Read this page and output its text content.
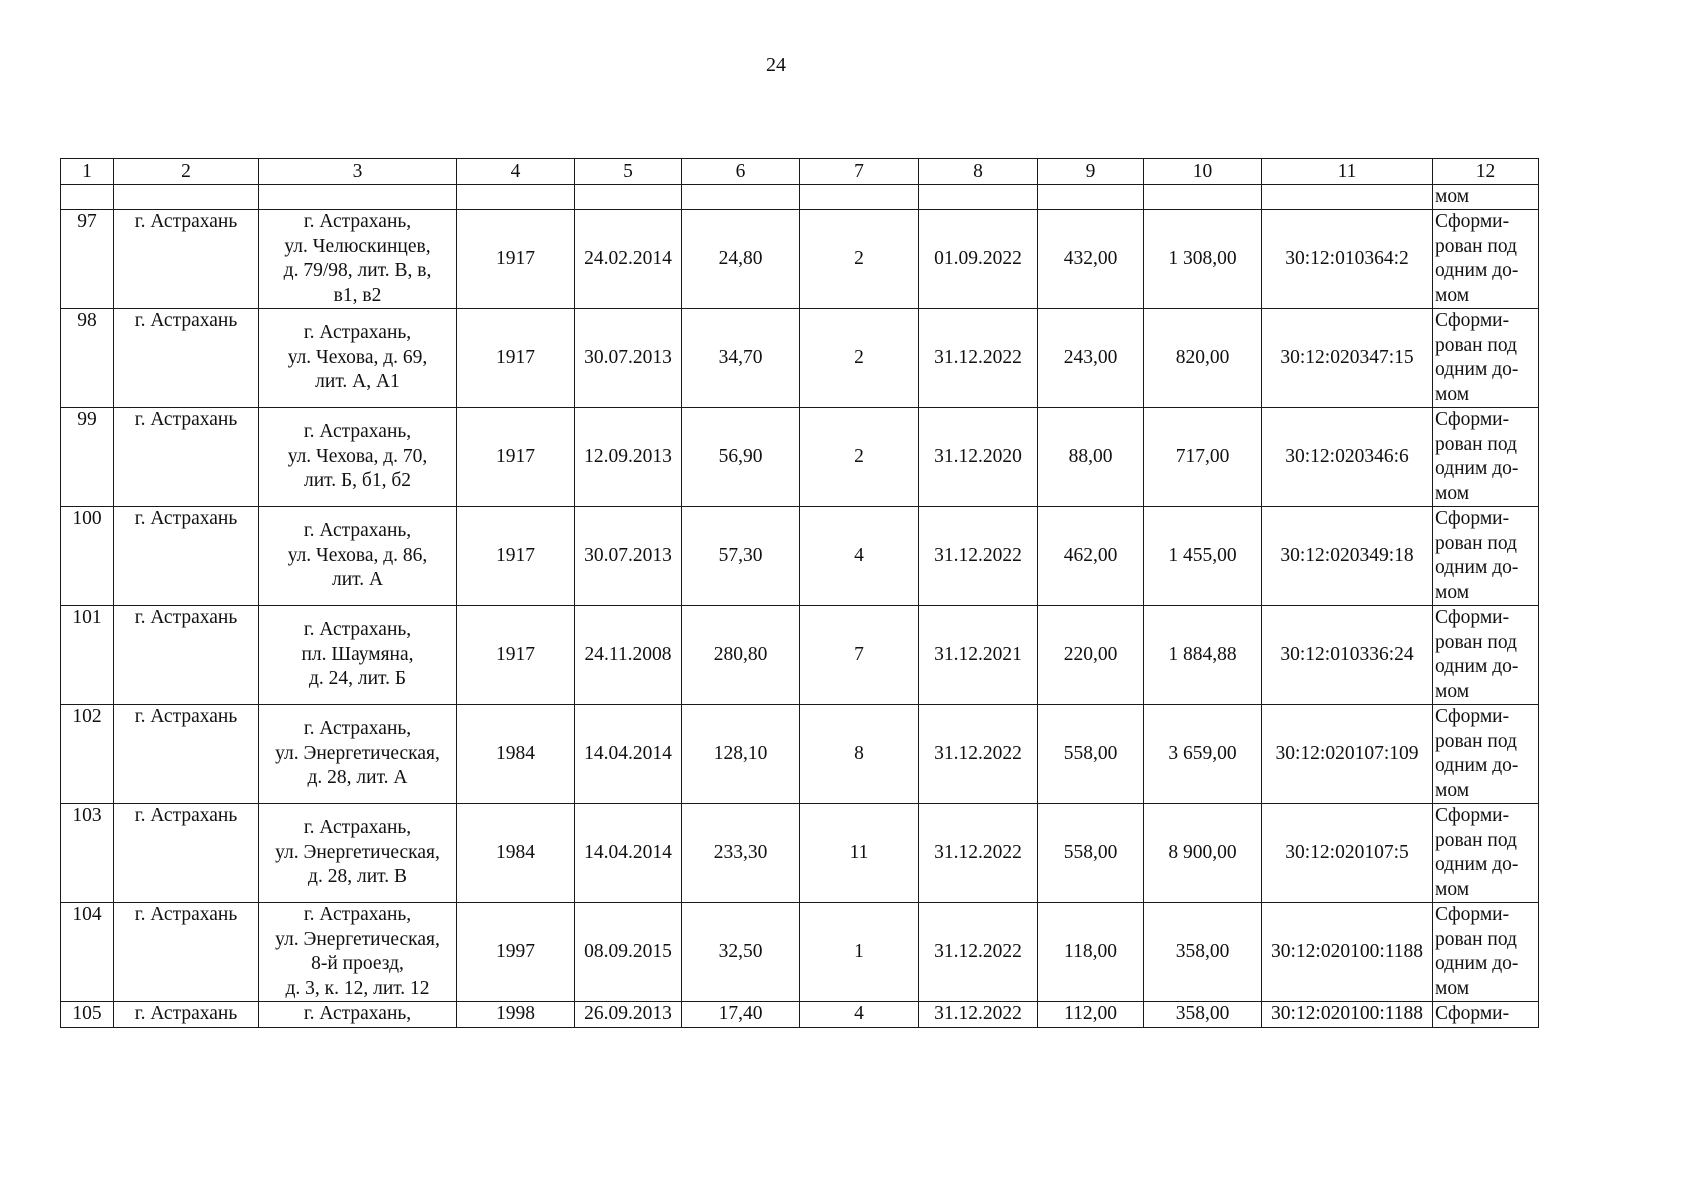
24
1	2	3	4	5	6	7	8	9	10	11	12
											мом
97	г. Астрахань	г. Астрахань,
ул. Челюскинцев,
д. 79/98, лит. В, в,
в1, в2	1917	24.02.2014	24,80	2	01.09.2022	432,00	1 308,00	30:12:010364:2	Сформи-
рован под
одним до-
мом

98	г. Астрахань	г. Астрахань,
ул. Чехова, д. 69,
лит. А, А1	1917	30.07.2013	34,70	2	31.12.2022	243,00	820,00	30:12:020347:15	Сформи-
рован под
одним до-
мом

99	г. Астрахань	г. Астрахань,
ул. Чехова, д. 70,
лит. Б, б1, б2	1917	12.09.2013	56,90	2	31.12.2020	88,00	717,00	30:12:020346:6	Сформи-
рован под
одним до-
мом

100	г. Астрахань	г. Астрахань,
ул. Чехова, д. 86,
лит. А	1917	30.07.2013	57,30	4	31.12.2022	462,00	1 455,00	30:12:020349:18	Сформи-
рован под
одним до-
мом

101	г. Астрахань	г. Астрахань,
пл. Шаумяна,
д. 24, лит. Б	1917	24.11.2008	280,80	7	31.12.2021	220,00	1 884,88	30:12:010336:24	Сформи-
рован под
одним до-
мом

102	г. Астрахань	г. Астрахань,
ул. Энергетическая,
д. 28, лит. А	1984	14.04.2014	128,10	8	31.12.2022	558,00	3 659,00	30:12:020107:109	Сформи-
рован под
одним до-
мом

103	г. Астрахань	г. Астрахань,
ул. Энергетическая,
д. 28, лит. В	1984	14.04.2014	233,30	11	31.12.2022	558,00	8 900,00	30:12:020107:5	Сформи-
рован под
одним до-
мом

104	г. Астрахань	г. Астрахань,
ул. Энергетическая,
8-й проезд,
д. 3, к. 12, лит. 12	1997	08.09.2015	32,50	1	31.12.2022	118,00	358,00	30:12:020100:1188	Сформи-
рован под
одним до-
мом

105	г. Астрахань	г. Астрахань,	1998	26.09.2013	17,40	4	31.12.2022	112,00	358,00	30:12:020100:1188	Сформи-
